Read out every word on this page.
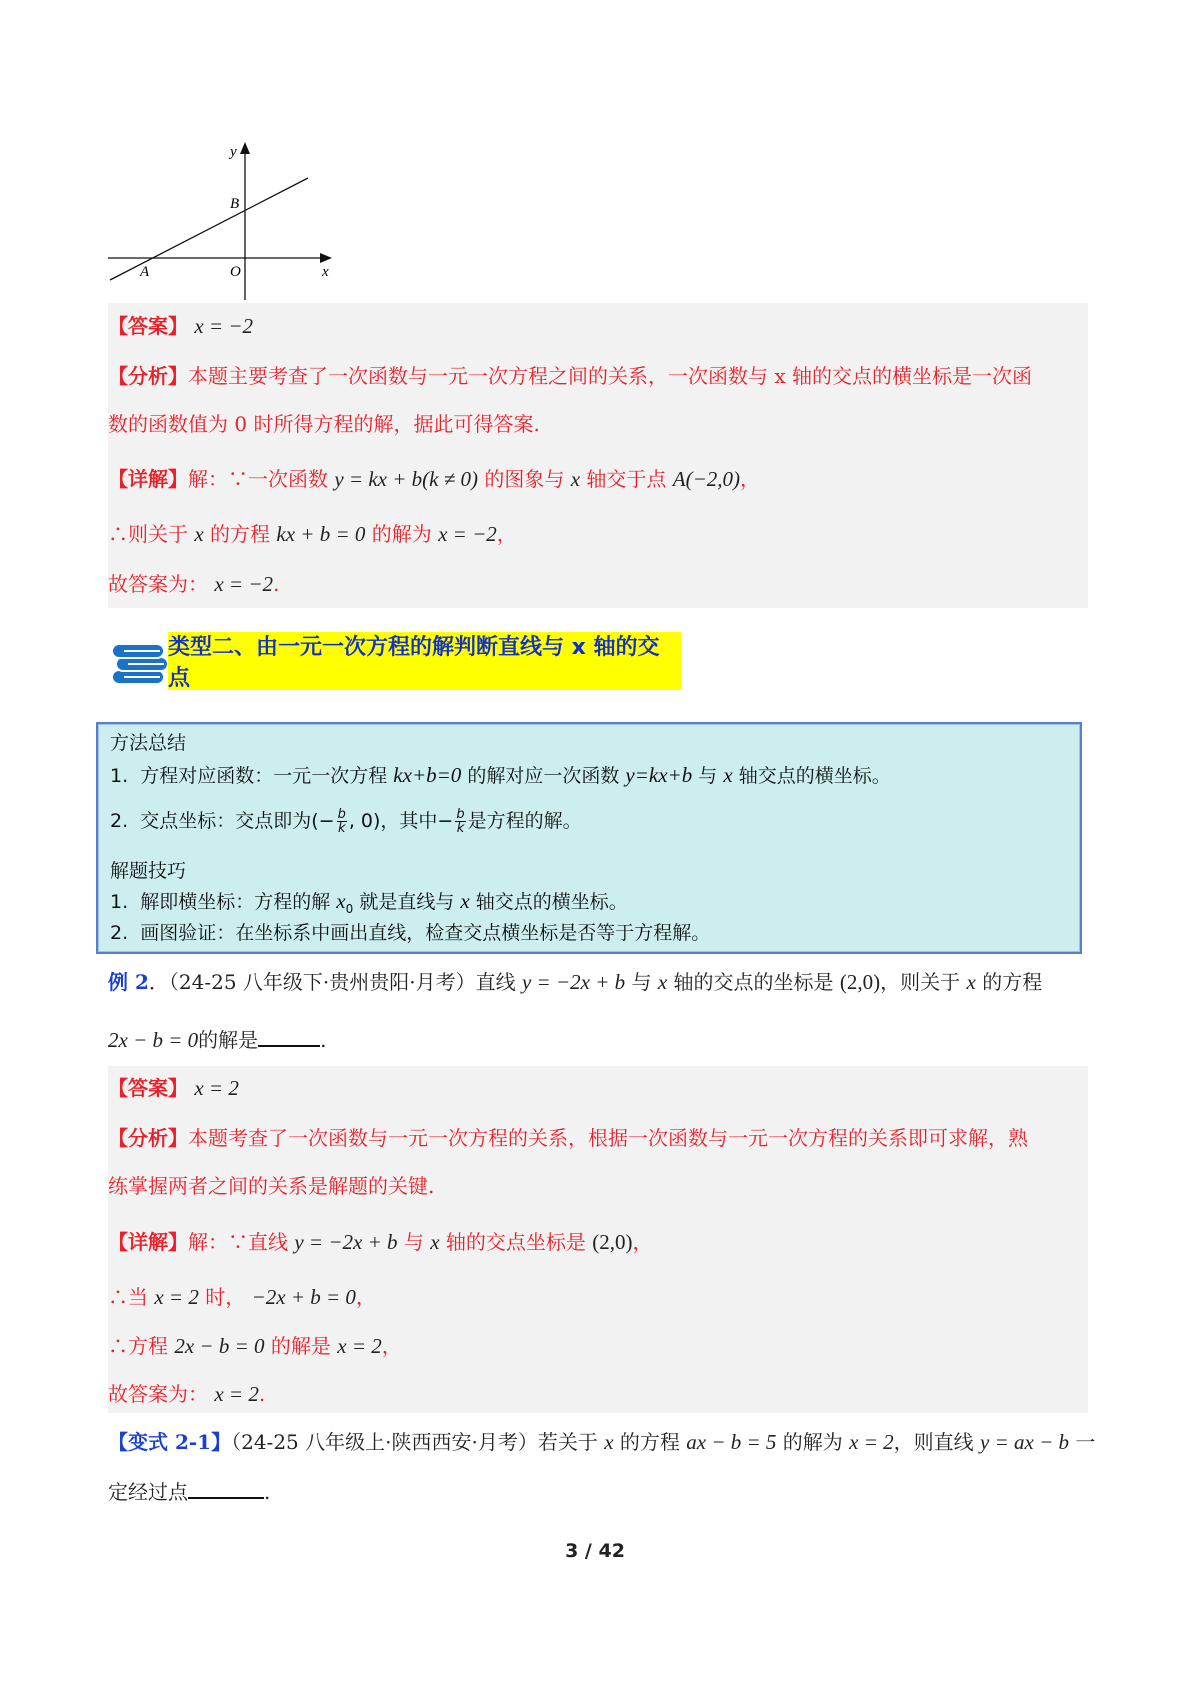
y
x
B
A	O
【答案】 x = −2
【分析】本题主要考查了一次函数与一元一次方程之间的关系，一次函数与 x 轴的交点的横坐标是一次函
数的函数值为 0 时所得方程的解，据此可得答案.
【详解】解：∵一次函数 y = kx + b(k ≠ 0) 的图象与 x 轴交于点 A(−2,0)，
∴则关于 x 的方程 kx + b = 0 的解为 x = −2，
故答案为： x = −2.
类型二、由一元一次方程的解判断直线与 x 轴的交点
方法总结
1. 方程对应函数：一元一次方程 kx+b=0 的解对应一次函数 y=kx+b 与 x 轴交点的横坐标。
2. 交点坐标：交点即为(− $\frac{b}{k}$ , 0)，其中− $\frac{b}{k}$ 是方程的解。
解题技巧
1. 解即横坐标：方程的解 $x_0$ 就是直线与 x 轴交点的横坐标。
2. 画图验证：在坐标系中画出直线，检查交点横坐标是否等于方程解。
例 2．（24-25 八年级下·贵州贵阳·月考）直线 y = −2x + b 与 x 轴的交点的坐标是 (2,0)，则关于 x 的方程
2x − b = 0的解是	.
【答案】 x = 2
【分析】本题考查了一次函数与一元一次方程的关系，根据一次函数与一元一次方程的关系即可求解，熟
练掌握两者之间的关系是解题的关键.
【详解】解：∵直线 y = −2x + b 与 x 轴的交点坐标是 (2,0)，
∴当 x = 2 时， −2x + b = 0，
∴方程 2x − b = 0 的解是 x = 2，
故答案为： x = 2.
【变式 2-1】（24-25 八年级上·陕西西安·月考）若关于 x 的方程 ax − b = 5 的解为 x = 2，则直线 y = ax − b 一
定经过点	.
3 / 42
